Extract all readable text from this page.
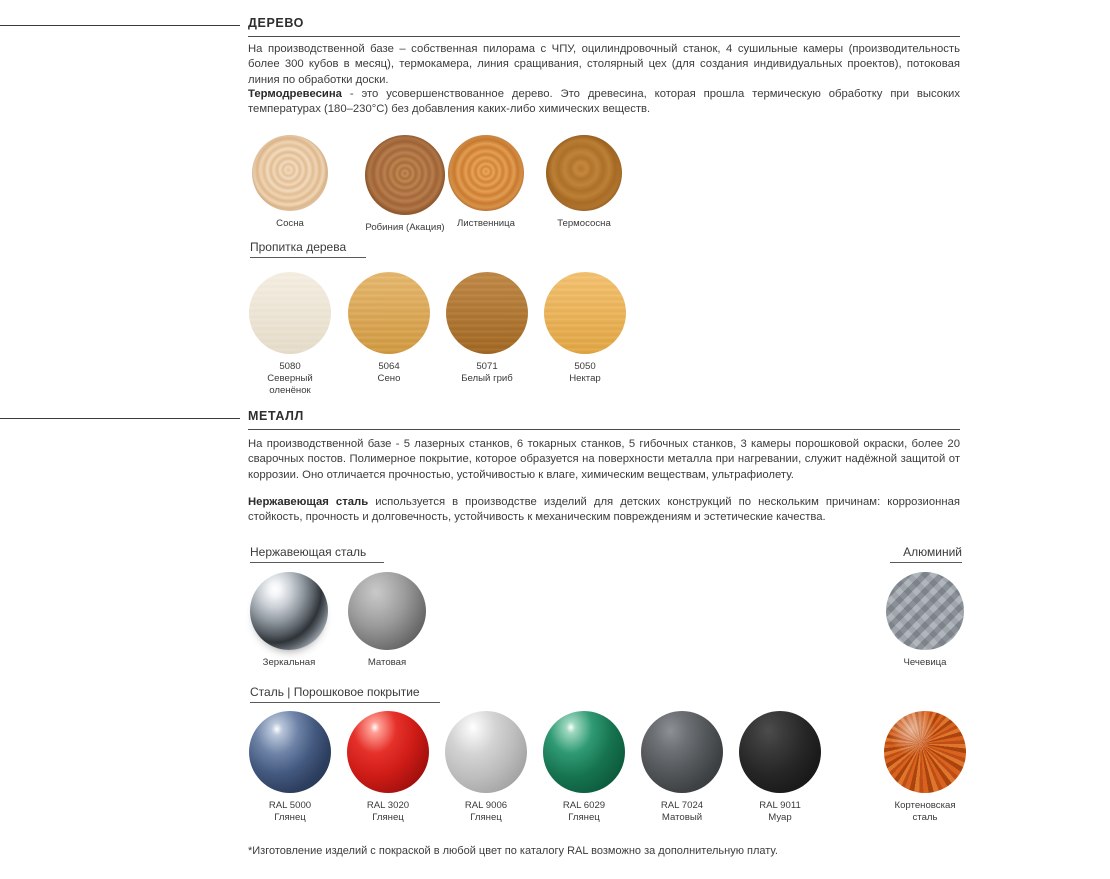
ДЕРЕВО
На производственной базе – собственная пилорама с ЧПУ, оцилиндровочный станок, 4 сушильные камеры (производительность более 300 кубов в месяц), термокамера, линия сращивания, столярный цех (для создания индивидуальных проектов), потоковая линия по обработки доски.
Термодревесина - это усовершенствованное дерево. Это древесина, которая прошла термическую обработку при высоких температурах (180–230°С) без добавления каких-либо химических веществ.
Сосна	Робиния (Акация)	Лиственница	Термососна
Пропитка дерева
5080
Северный оленёнок
5064
Сено
5071
Белый гриб
5050
Нектар
МЕТАЛЛ
На производственной базе - 5 лазерных станков, 6 токарных станков, 5 гибочных станков, 3 камеры порошковой окраски, более 20 сварочных постов. Полимерное покрытие, которое образуется на поверхности металла при нагревании, служит надёжной защитой от коррозии. Оно отличается прочностью, устойчивостью к влаге, химическим веществам, ультрафиолету.
Нержавеющая сталь используется в производстве изделий для детских конструкций по нескольким причинам: коррозионная стойкость, прочность и долговечность, устойчивость к механическим повреждениям и эстетические качества.
Нержавеющая сталь	Алюминий
Зеркальная	Матовая	Чечевица
Сталь | Порошковое покрытие
RAL 5000
Глянец
RAL 3020
Глянец
RAL 9006
Глянец
RAL 6029
Глянец
RAL 7024
Матовый
RAL 9011
Муар
Кортеновская
сталь
*Изготовление изделий с покраской в любой цвет по каталогу RAL возможно за дополнительную плату.
